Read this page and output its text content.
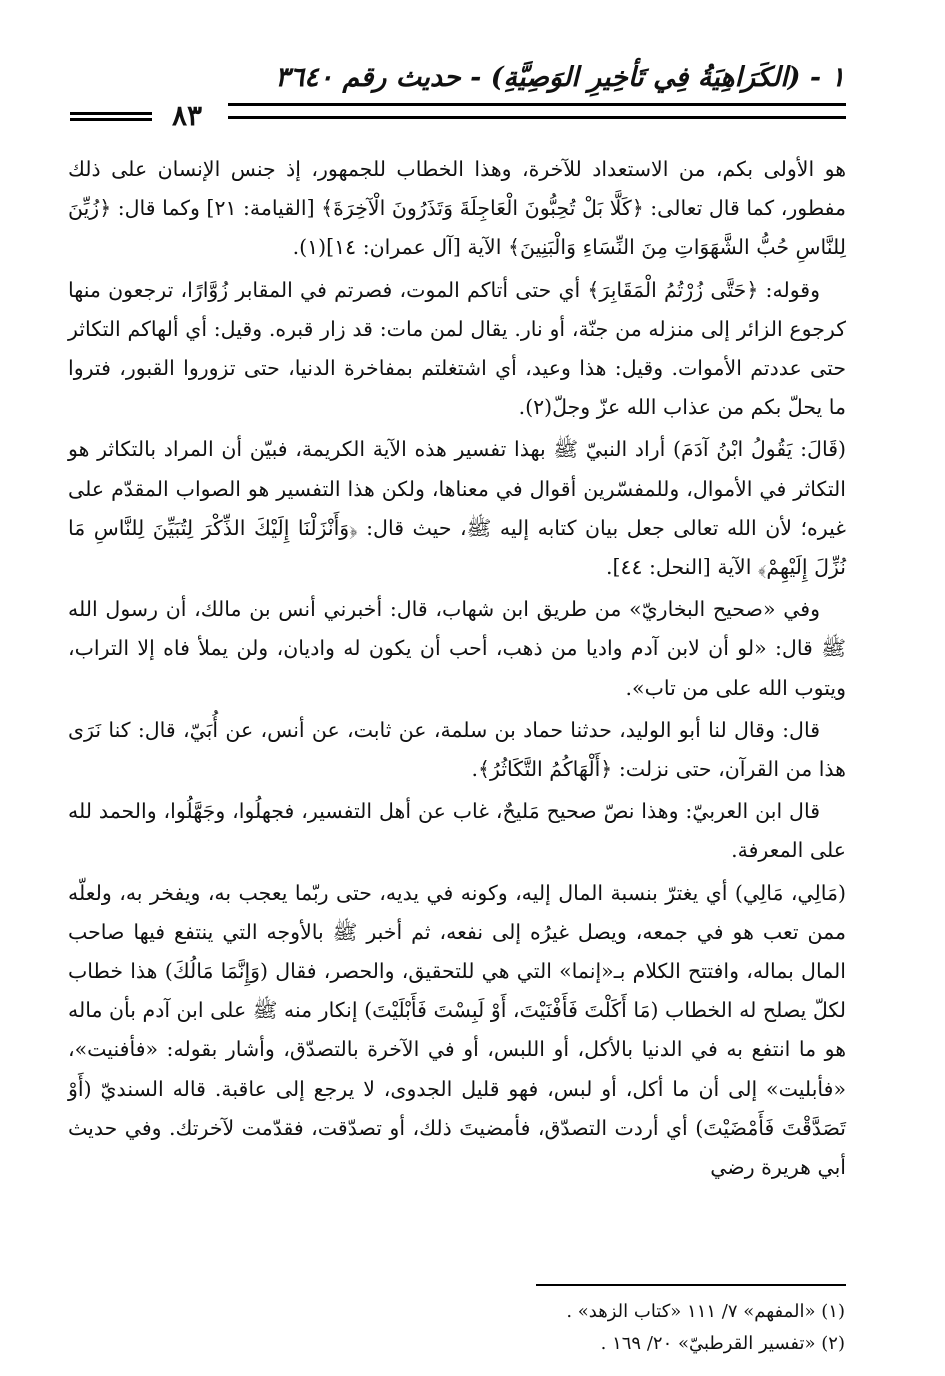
١ - (الكَرَاهِيَةُ فِي تَأخِيرِ الوَصِيَّةِ) - حديث رقم ٣٦٤٠
٨٣

هو الأولى بكم، من الاستعداد للآخرة، وهذا الخطاب للجمهور، إذ جنس الإنسان على ذلك مفطور، كما قال تعالى: ﴿كَلَّا بَلْ تُحِبُّونَ الْعَاجِلَةَ وَتَذَرُونَ الْآخِرَةَ﴾ [القيامة: ٢١] وكما قال: ﴿زُيِّنَ لِلنَّاسِ حُبُّ الشَّهَوَاتِ مِنَ النِّسَاءِ وَالْبَنِينَ﴾ الآية [آل عمران: ١٤](١).

وقوله: ﴿حَتَّى زُرْتُمُ الْمَقَابِرَ﴾ أي حتى أتاكم الموت، فصرتم في المقابر زُوَّارًا، ترجعون منها كرجوع الزائر إلى منزله من جنّة، أو نار. يقال لمن مات: قد زار قبره. وقيل: أي ألهاكم التكاثر حتى عددتم الأموات. وقيل: هذا وعيد، أي اشتغلتم بمفاخرة الدنيا، حتى تزوروا القبور، فتروا ما يحلّ بكم من عذاب الله عزّ وجلّ(٢).

(قَالَ: يَقُولُ ابْنُ آدَمَ) أراد النبيّ ﷺ بهذا تفسير هذه الآية الكريمة، فبيّن أن المراد بالتكاثر هو التكاثر في الأموال، وللمفسّرين أقوال في معناها، ولكن هذا التفسير هو الصواب المقدّم على غيره؛ لأن الله تعالى جعل بيان كتابه إليه ﷺ، حيث قال: ﴿وَأَنْزَلْنَا إِلَيْكَ الذِّكْرَ لِتُبَيِّنَ لِلنَّاسِ مَا نُزِّلَ إِلَيْهِمْ﴾ الآية [النحل: ٤٤].

وفي «صحيح البخاريّ» من طريق ابن شهاب، قال: أخبرني أنس بن مالك، أن رسول الله ﷺ قال: «لو أن لابن آدم واديا من ذهب، أحب أن يكون له واديان، ولن يملأ فاه إلا التراب، ويتوب الله على من تاب».

قال: وقال لنا أبو الوليد، حدثنا حماد بن سلمة، عن ثابت، عن أنس، عن أُبَيّ، قال: كنا نَرَى هذا من القرآن، حتى نزلت: ﴿أَلْهَاكُمُ التَّكَاثُرُ﴾.

قال ابن العربيّ: وهذا نصّ صحيح مَليحٌ، غاب عن أهل التفسير، فجهلُوا، وجَهَّلُوا، والحمد لله على المعرفة.

(مَالِي، مَالِي) أي يغترّ بنسبة المال إليه، وكونه في يديه، حتى ربّما يعجب به، ويفخر به، ولعلّه ممن تعب هو في جمعه، ويصل غيرُه إلى نفعه، ثم أخبر ﷺ بالأوجه التي ينتفع فيها صاحب المال بماله، وافتتح الكلام بـ«إنما» التي هي للتحقيق، والحصر، فقال (وَإِنَّمَا مَالُكَ) هذا خطاب لكلّ يصلح له الخطاب (مَا أَكَلْتَ فَأَفْنَيْتَ، أَوْ لَبِسْتَ فَأَبْلَيْتَ) إنكار منه ﷺ على ابن آدم بأن ماله هو ما انتفع به في الدنيا بالأكل، أو اللبس، أو في الآخرة بالتصدّق، وأشار بقوله: «فأفنيت»، «فأبليت» إلى أن ما أكل، أو لبس، فهو قليل الجدوى، لا يرجع إلى عاقبة. قاله السنديّ (أَوْ تَصَدَّقْتَ فَأَمْضَيْتَ) أي أردت التصدّق، فأمضيتَ ذلك، أو تصدّقت، فقدّمت لآخرتك. وفي حديث أبي هريرة رضي

(١) «المفهم» ٧/ ١١١ «كتاب الزهد» .
(٢) «تفسير القرطبيّ» ٢٠/ ١٦٩ .
